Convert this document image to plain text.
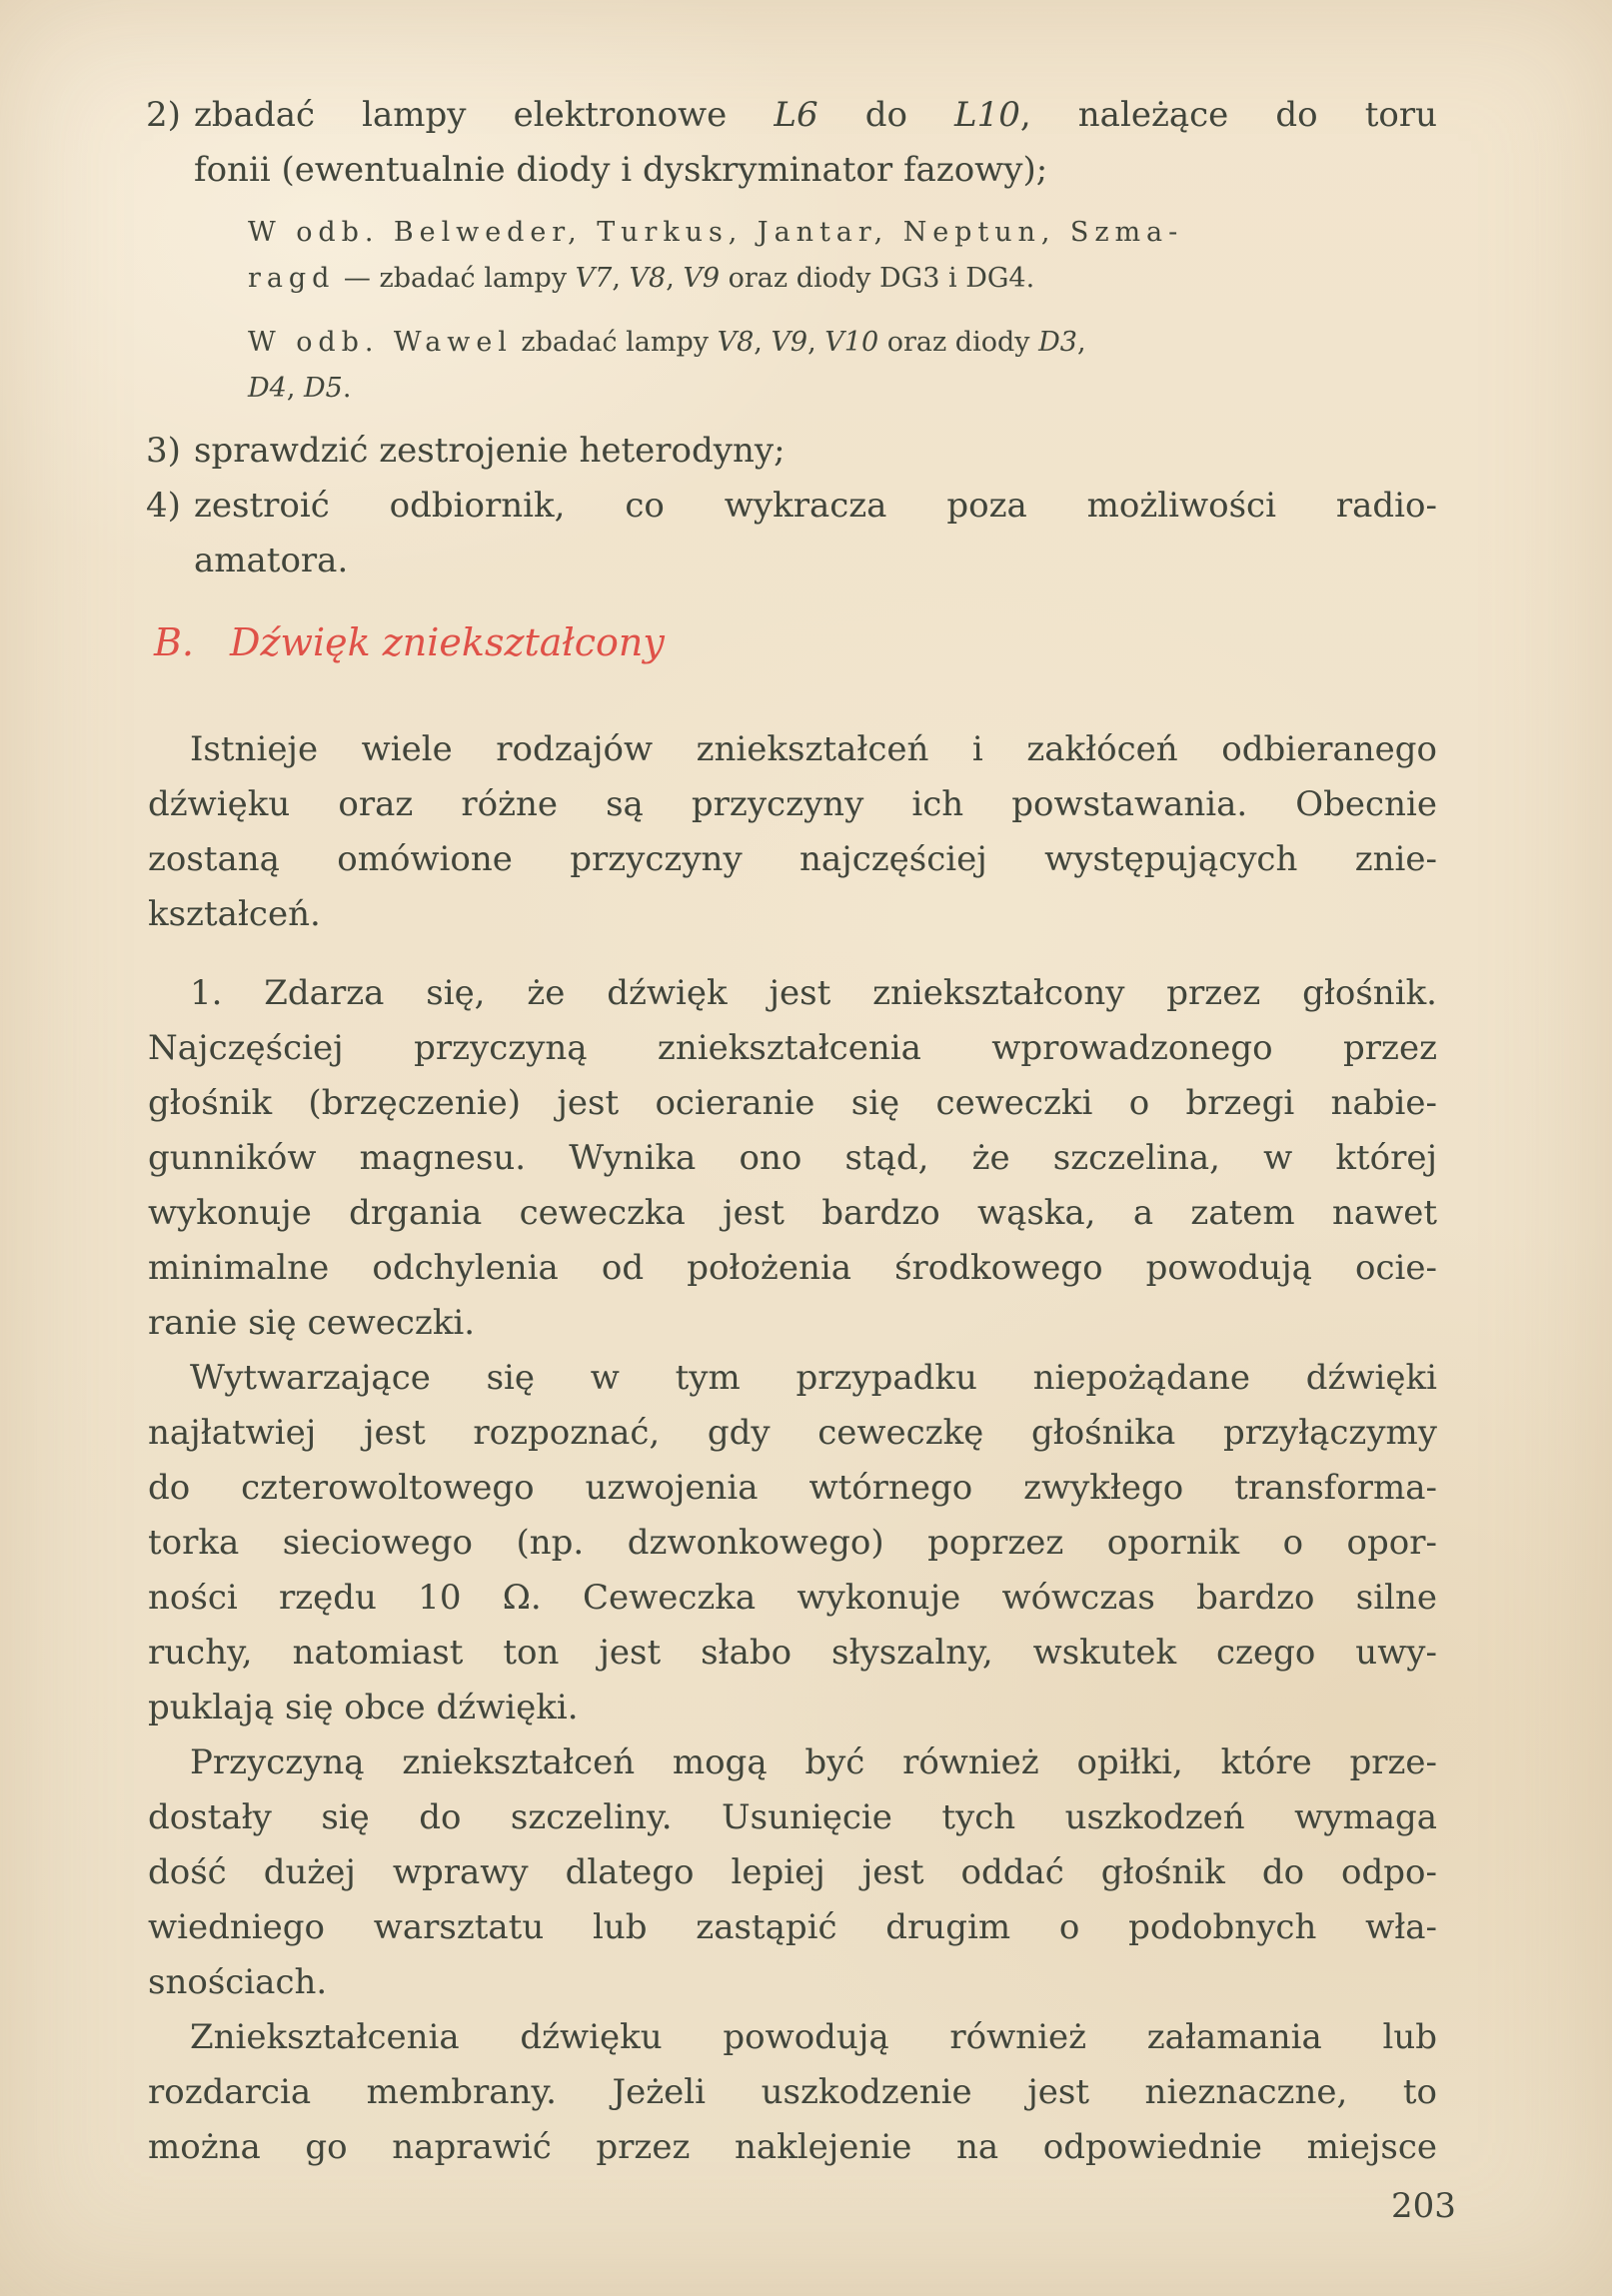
2) zbadać lampy elektronowe L6 do L10, należące do toru
fonii (ewentualnie diody i dyskryminator fazowy);
W odb. Belweder, Turkus, Jantar, Neptun, Szma-
ragd — zbadać lampy V7, V8, V9 oraz diody DG3 i DG4.
W odb. Wawel zbadać lampy V8, V9, V10 oraz diody D3,
D4, D5.
3) sprawdzić zestrojenie heterodyny;
4) zestroić odbiornik, co wykracza poza możliwości radio-
amatora.
B. Dźwięk zniekształcony
Istnieje wiele rodzajów zniekształceń i zakłóceń odbieranego
dźwięku oraz różne są przyczyny ich powstawania. Obecnie
zostaną omówione przyczyny najczęściej występujących znie-
kształceń.
1. Zdarza się, że dźwięk jest zniekształcony przez głośnik.
Najczęściej przyczyną zniekształcenia wprowadzonego przez
głośnik (brzęczenie) jest ocieranie się ceweczki o brzegi nabie-
gunników magnesu. Wynika ono stąd, że szczelina, w której
wykonuje drgania ceweczka jest bardzo wąska, a zatem nawet
minimalne odchylenia od położenia środkowego powodują ocie-
ranie się ceweczki.
Wytwarzające się w tym przypadku niepożądane dźwięki
najłatwiej jest rozpoznać, gdy ceweczkę głośnika przyłączymy
do czterowoltowego uzwojenia wtórnego zwykłego transforma-
torka sieciowego (np. dzwonkowego) poprzez opornik o opor-
ności rzędu 10 Ω. Ceweczka wykonuje wówczas bardzo silne
ruchy, natomiast ton jest słabo słyszalny, wskutek czego uwy-
puklają się obce dźwięki.
Przyczyną zniekształceń mogą być również opiłki, które prze-
dostały się do szczeliny. Usunięcie tych uszkodzeń wymaga
dość dużej wprawy dlatego lepiej jest oddać głośnik do odpo-
wiedniego warsztatu lub zastąpić drugim o podobnych wła-
snościach.
Zniekształcenia dźwięku powodują również załamania lub
rozdarcia membrany. Jeżeli uszkodzenie jest nieznaczne, to
można go naprawić przez naklejenie na odpowiednie miejsce
203
